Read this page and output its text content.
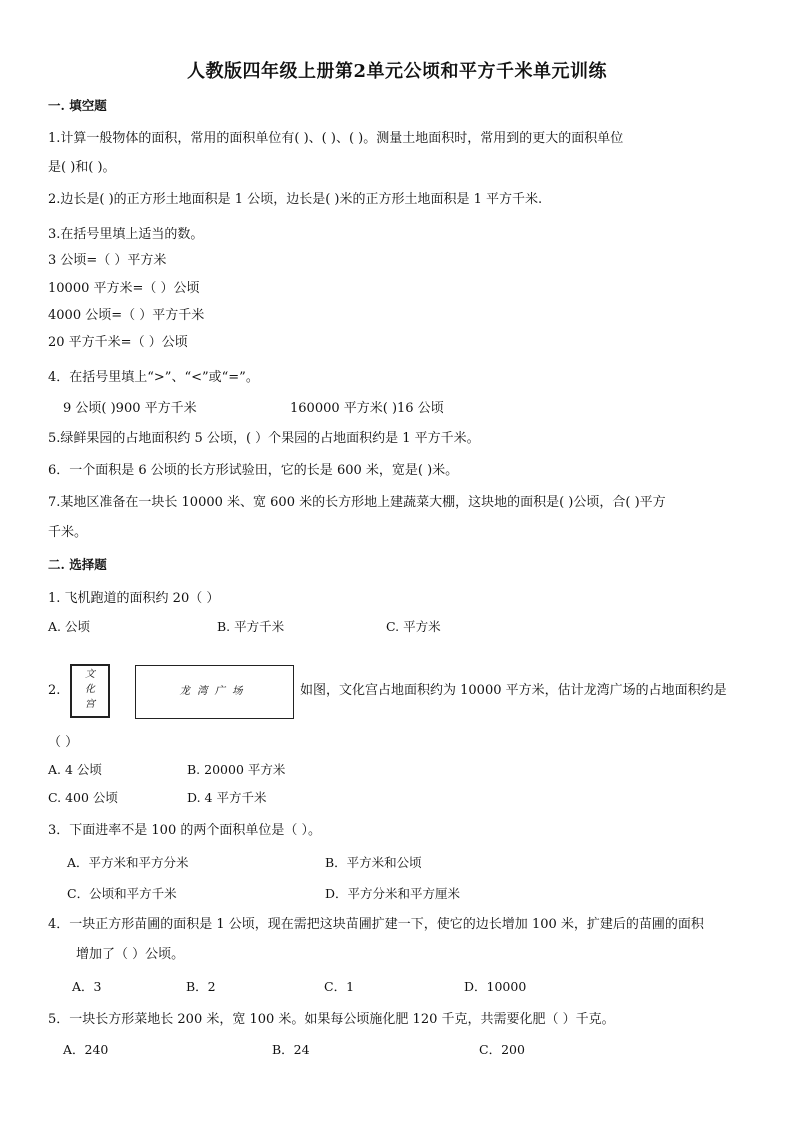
人教版四年级上册第2单元公顷和平方千米单元训练
一. 填空题
1.计算一般物体的面积，常用的面积单位有( )、( )、( )。测量土地面积时，常用到的更大的面积单位
是( )和( )。
2.边长是( )的正方形土地面积是 1 公顷，边长是( )米的正方形土地面积是 1 平方千米.
3.在括号里填上适当的数。
3 公顷=（ ）平方米
10000 平方米=（ ）公顷
4000 公顷=（ ）平方千米
20 平方千米=（ ）公顷
4．在括号里填上“>”、“<”或“=”。
9 公顷( )900 平方千米	160000 平方米( )16 公顷
5.绿鲜果园的占地面积约 5 公顷，( ）个果园的占地面积约是 1 平方千米。
6．一个面积是 6 公顷的长方形试验田，它的长是 600 米，宽是( )米。
7.某地区准备在一块长 10000 米、宽 600 米的长方形地上建蔬菜大棚，这块地的面积是( )公顷，合( )平方
千米。
二. 选择题
1. 飞机跑道的面积约 20（ ）
A. 公顷	B. 平方千米	C. 平方米
2.
文
化
宫
龙湾广场	如图，文化宫占地面积约为 10000 平方米，估计龙湾广场的占地面积约是
（ ）
A. 4 公顷	B. 20000 平方米
C. 400 公顷	D. 4 平方千米
3．下面进率不是 100 的两个面积单位是（ ）。
A．平方米和平方分米	B．平方米和公顷
C．公顷和平方千米	D．平方分米和平方厘米
4．一块正方形苗圃的面积是 1 公顷，现在需把这块苗圃扩建一下，使它的边长增加 100 米，扩建后的苗圃的面积
增加了（ ）公顷。
A．3	B．2	C．1	D．10000
5．一块长方形菜地长 200 米，宽 100 米。如果每公顷施化肥 120 千克，共需要化肥（ ）千克。
A．240	B．24	C．200
